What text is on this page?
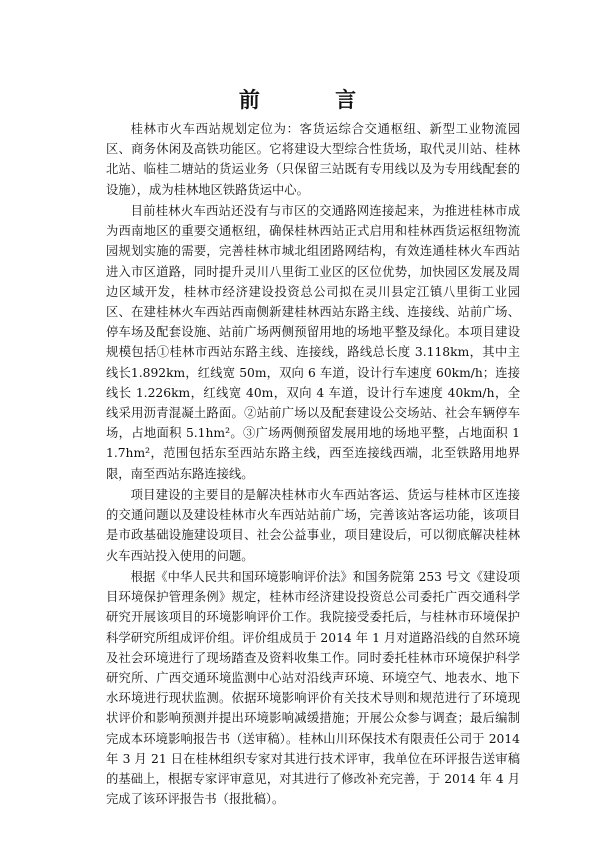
前 言

桂林市火车西站规划定位为：客货运综合交通枢纽、新型工业物流园区、商务休闲及高铁功能区。它将建设大型综合性货场，取代灵川站、桂林北站、临桂二塘站的货运业务（只保留三站既有专用线以及为专用线配套的设施），成为桂林地区铁路货运中心。

目前桂林火车西站还没有与市区的交通路网连接起来，为推进桂林市成为西南地区的重要交通枢纽，确保桂林西站正式启用和桂林西货运枢纽物流园规划实施的需要，完善桂林市城北组团路网结构，有效连通桂林火车西站进入市区道路，同时提升灵川八里街工业区的区位优势，加快园区发展及周边区域开发，桂林市经济建设投资总公司拟在灵川县定江镇八里街工业园区、在建桂林火车西站西南侧新建桂林西站东路主线、连接线、站前广场、停车场及配套设施、站前广场两侧预留用地的场地平整及绿化。本项目建设规模包括①桂林市西站东路主线、连接线，路线总长度 3.118km，其中主线长1.892km，红线宽 50m，双向 6 车道，设计行车速度 60km/h；连接线长 1.226km，红线宽 40m，双向 4 车道，设计行车速度 40km/h，全线采用沥青混凝土路面。②站前广场以及配套建设公交场站、社会车辆停车场，占地面积 5.1hm²。③广场两侧预留发展用地的场地平整，占地面积 11.7hm²，范围包括东至西站东路主线，西至连接线西端，北至铁路用地界限，南至西站东路连接线。

项目建设的主要目的是解决桂林市火车西站客运、货运与桂林市区连接的交通问题以及建设桂林市火车西站站前广场，完善该站客运功能，该项目是市政基础设施建设项目、社会公益事业，项目建设后，可以彻底解决桂林火车西站投入使用的问题。

根据《中华人民共和国环境影响评价法》和国务院第 253 号文《建设项目环境保护管理条例》规定，桂林市经济建设投资总公司委托广西交通科学研究开展该项目的环境影响评价工作。我院接受委托后，与桂林市环境保护科学研究所组成评价组。评价组成员于 2014 年 1 月对道路沿线的自然环境及社会环境进行了现场踏查及资料收集工作。同时委托桂林市环境保护科学研究所、广西交通环境监测中心站对沿线声环境、环境空气、地表水、地下水环境进行现状监测。依据环境影响评价有关技术导则和规范进行了环境现状评价和影响预测并提出环境影响减缓措施；开展公众参与调查；最后编制完成本环境影响报告书（送审稿）。桂林山川环保技术有限责任公司于 2014 年 3 月 21 日在桂林组织专家对其进行技术评审，我单位在环评报告送审稿的基础上，根据专家评审意见，对其进行了修改补充完善，于 2014 年 4 月完成了该环评报告书（报批稿）。
